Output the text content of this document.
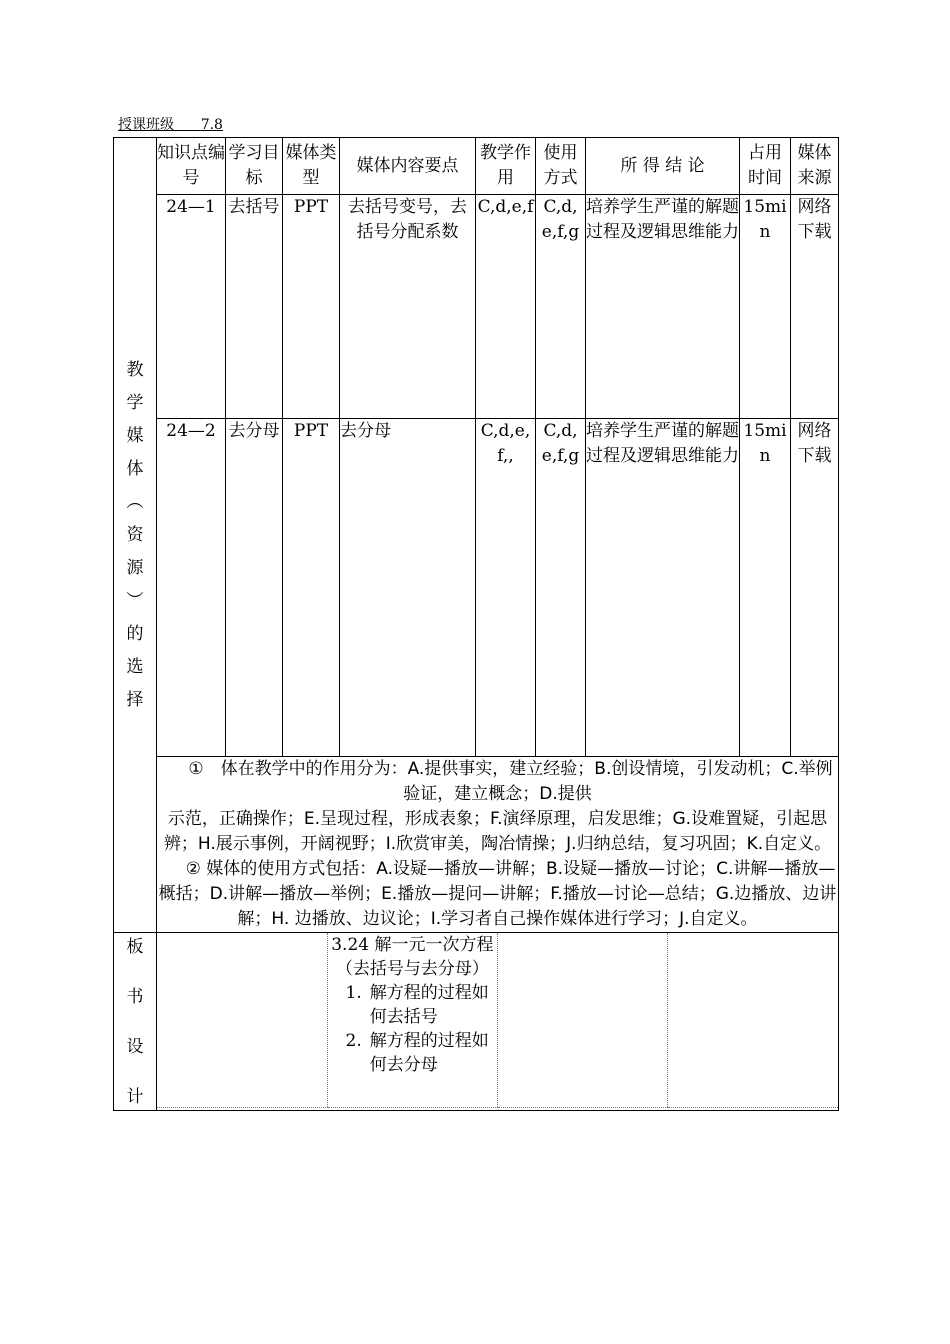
授课班级 7.8
教
学
媒
体
︵
资
源
︶
的
选
择
	知识点编 号	学习目标	媒体类型	媒体内容要点	教学作用	使用方式	所 得 结 论	占用时间	媒体来源
24—1	去括号	PPT	去括号变号，去括号分配系数	C,d,e,f	C,d,e,f,g	培养学生严谨的解题过程及逻辑思维能力	15min	网络下载
24—2	去分母	PPT	去分母	C,d,e,f,,	C,d,e,f,g	培养学生严谨的解题过程及逻辑思维能力	15min	网络下载

①　体在教学中的作用分为：A.提供事实，建立经验；B.创设情境，引发动机；C.举例验证，建立概念；D.提供
示范，正确操作；E.呈现过程，形成表象；F.演绎原理，启发思维；G.设难置疑，引起思辨；H.展示事例，开阔视野；I.欣赏审美，陶冶情操；J.归纳总结，复习巩固；K.自定义。
② 媒体的使用方式包括：A.设疑—播放—讲解；B.设疑—播放—讨论；C.讲解—播放—概括；D.讲解—播放—举例；E.播放—提问—讲解；F.播放—讨论—总结；G.边播放、边讲解；H. 边播放、边议论；I.学习者自己操作媒体进行学习；J.自定义。

板
书
设
计

3.24 解一元一次方程（去括号与去分母）
1. 解方程的过程如何去括号
2. 解方程的过程如何去分母
